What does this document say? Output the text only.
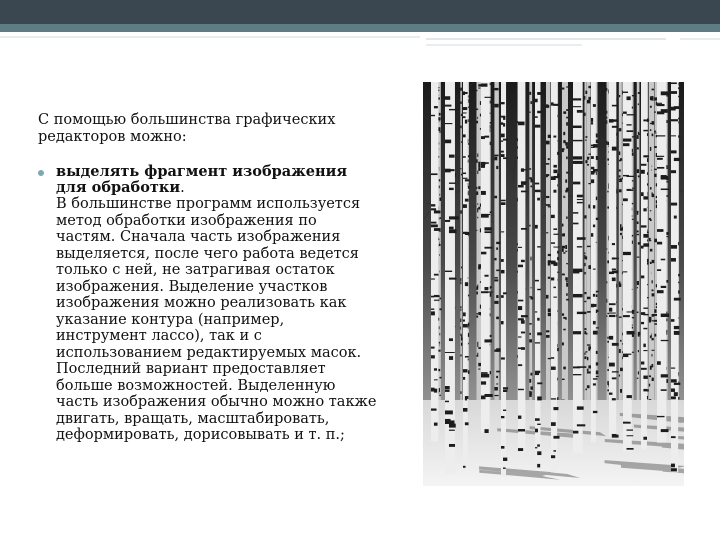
С помощью большинства графических редакторов можно:

выделять фрагмент изображения для обработки.

В большинстве программ используется метод обработки изображения по частям. Сначала часть изображения выделяется, после чего работа ведется только с ней, не затрагивая остаток изображения. Выделение участков изображения можно реализовать как указание контура (например, инструмент лассо), так и с использованием редактируемых масок. Последний вариант предоставляет больше возможностей. Выделенную часть изображения обычно можно также двигать, вращать, масштабировать, деформировать, дорисовывать и т. п.;
